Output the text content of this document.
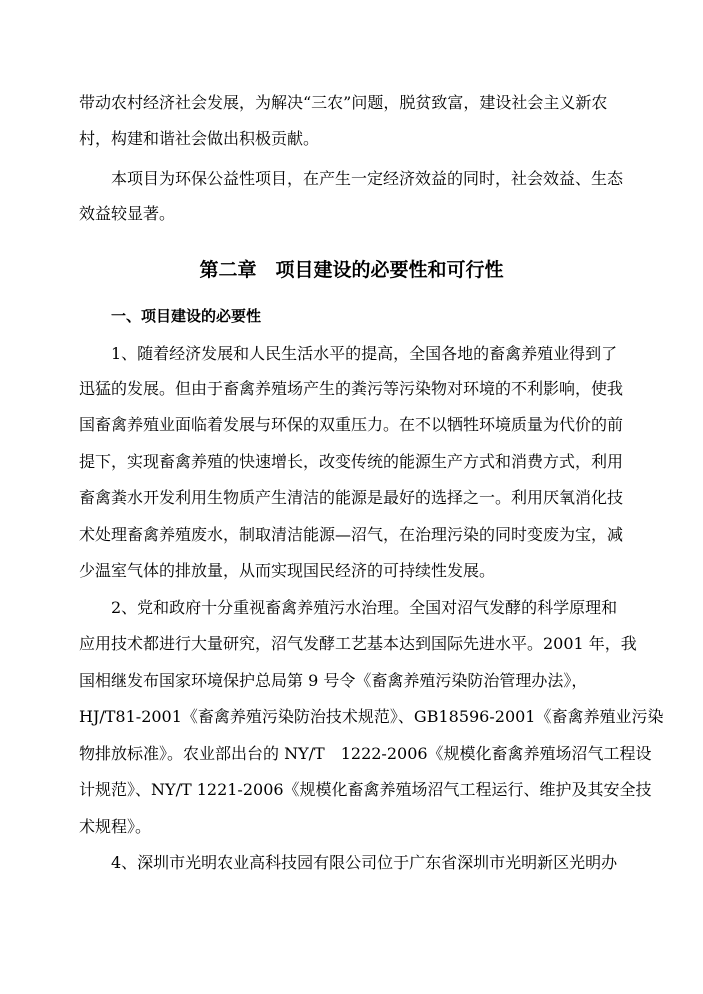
带动农村经济社会发展，为解决“三农”问题，脱贫致富，建设社会主义新农

村，构建和谐社会做出积极贡献。

本项目为环保公益性项目，在产生一定经济效益的同时，社会效益、生态

效益较显著。

第二章　项目建设的必要性和可行性
一、项目建设的必要性

1、随着经济发展和人民生活水平的提高，全国各地的畜禽养殖业得到了

迅猛的发展。但由于畜禽养殖场产生的粪污等污染物对环境的不利影响，使我

国畜禽养殖业面临着发展与环保的双重压力。在不以牺牲环境质量为代价的前

提下，实现畜禽养殖的快速增长，改变传统的能源生产方式和消费方式，利用

畜禽粪水开发利用生物质产生清洁的能源是最好的选择之一。利用厌氧消化技

术处理畜禽养殖废水，制取清洁能源—沼气，在治理污染的同时变废为宝，减

少温室气体的排放量，从而实现国民经济的可持续性发展。

2、党和政府十分重视畜禽养殖污水治理。全国对沼气发酵的科学原理和

应用技术都进行大量研究，沼气发酵工艺基本达到国际先进水平。2001 年，我

国相继发布国家环境保护总局第 9 号令《畜禽养殖污染防治管理办法》，

HJ/T81-2001《畜禽养殖污染防治技术规范》、GB18596-2001《畜禽养殖业污染

物排放标准》。农业部出台的 NY/T　1222-2006《规模化畜禽养殖场沼气工程设

计规范》、NY/T 1221-2006《规模化畜禽养殖场沼气工程运行、维护及其安全技

术规程》。

4、深圳市光明农业高科技园有限公司位于广东省深圳市光明新区光明办
